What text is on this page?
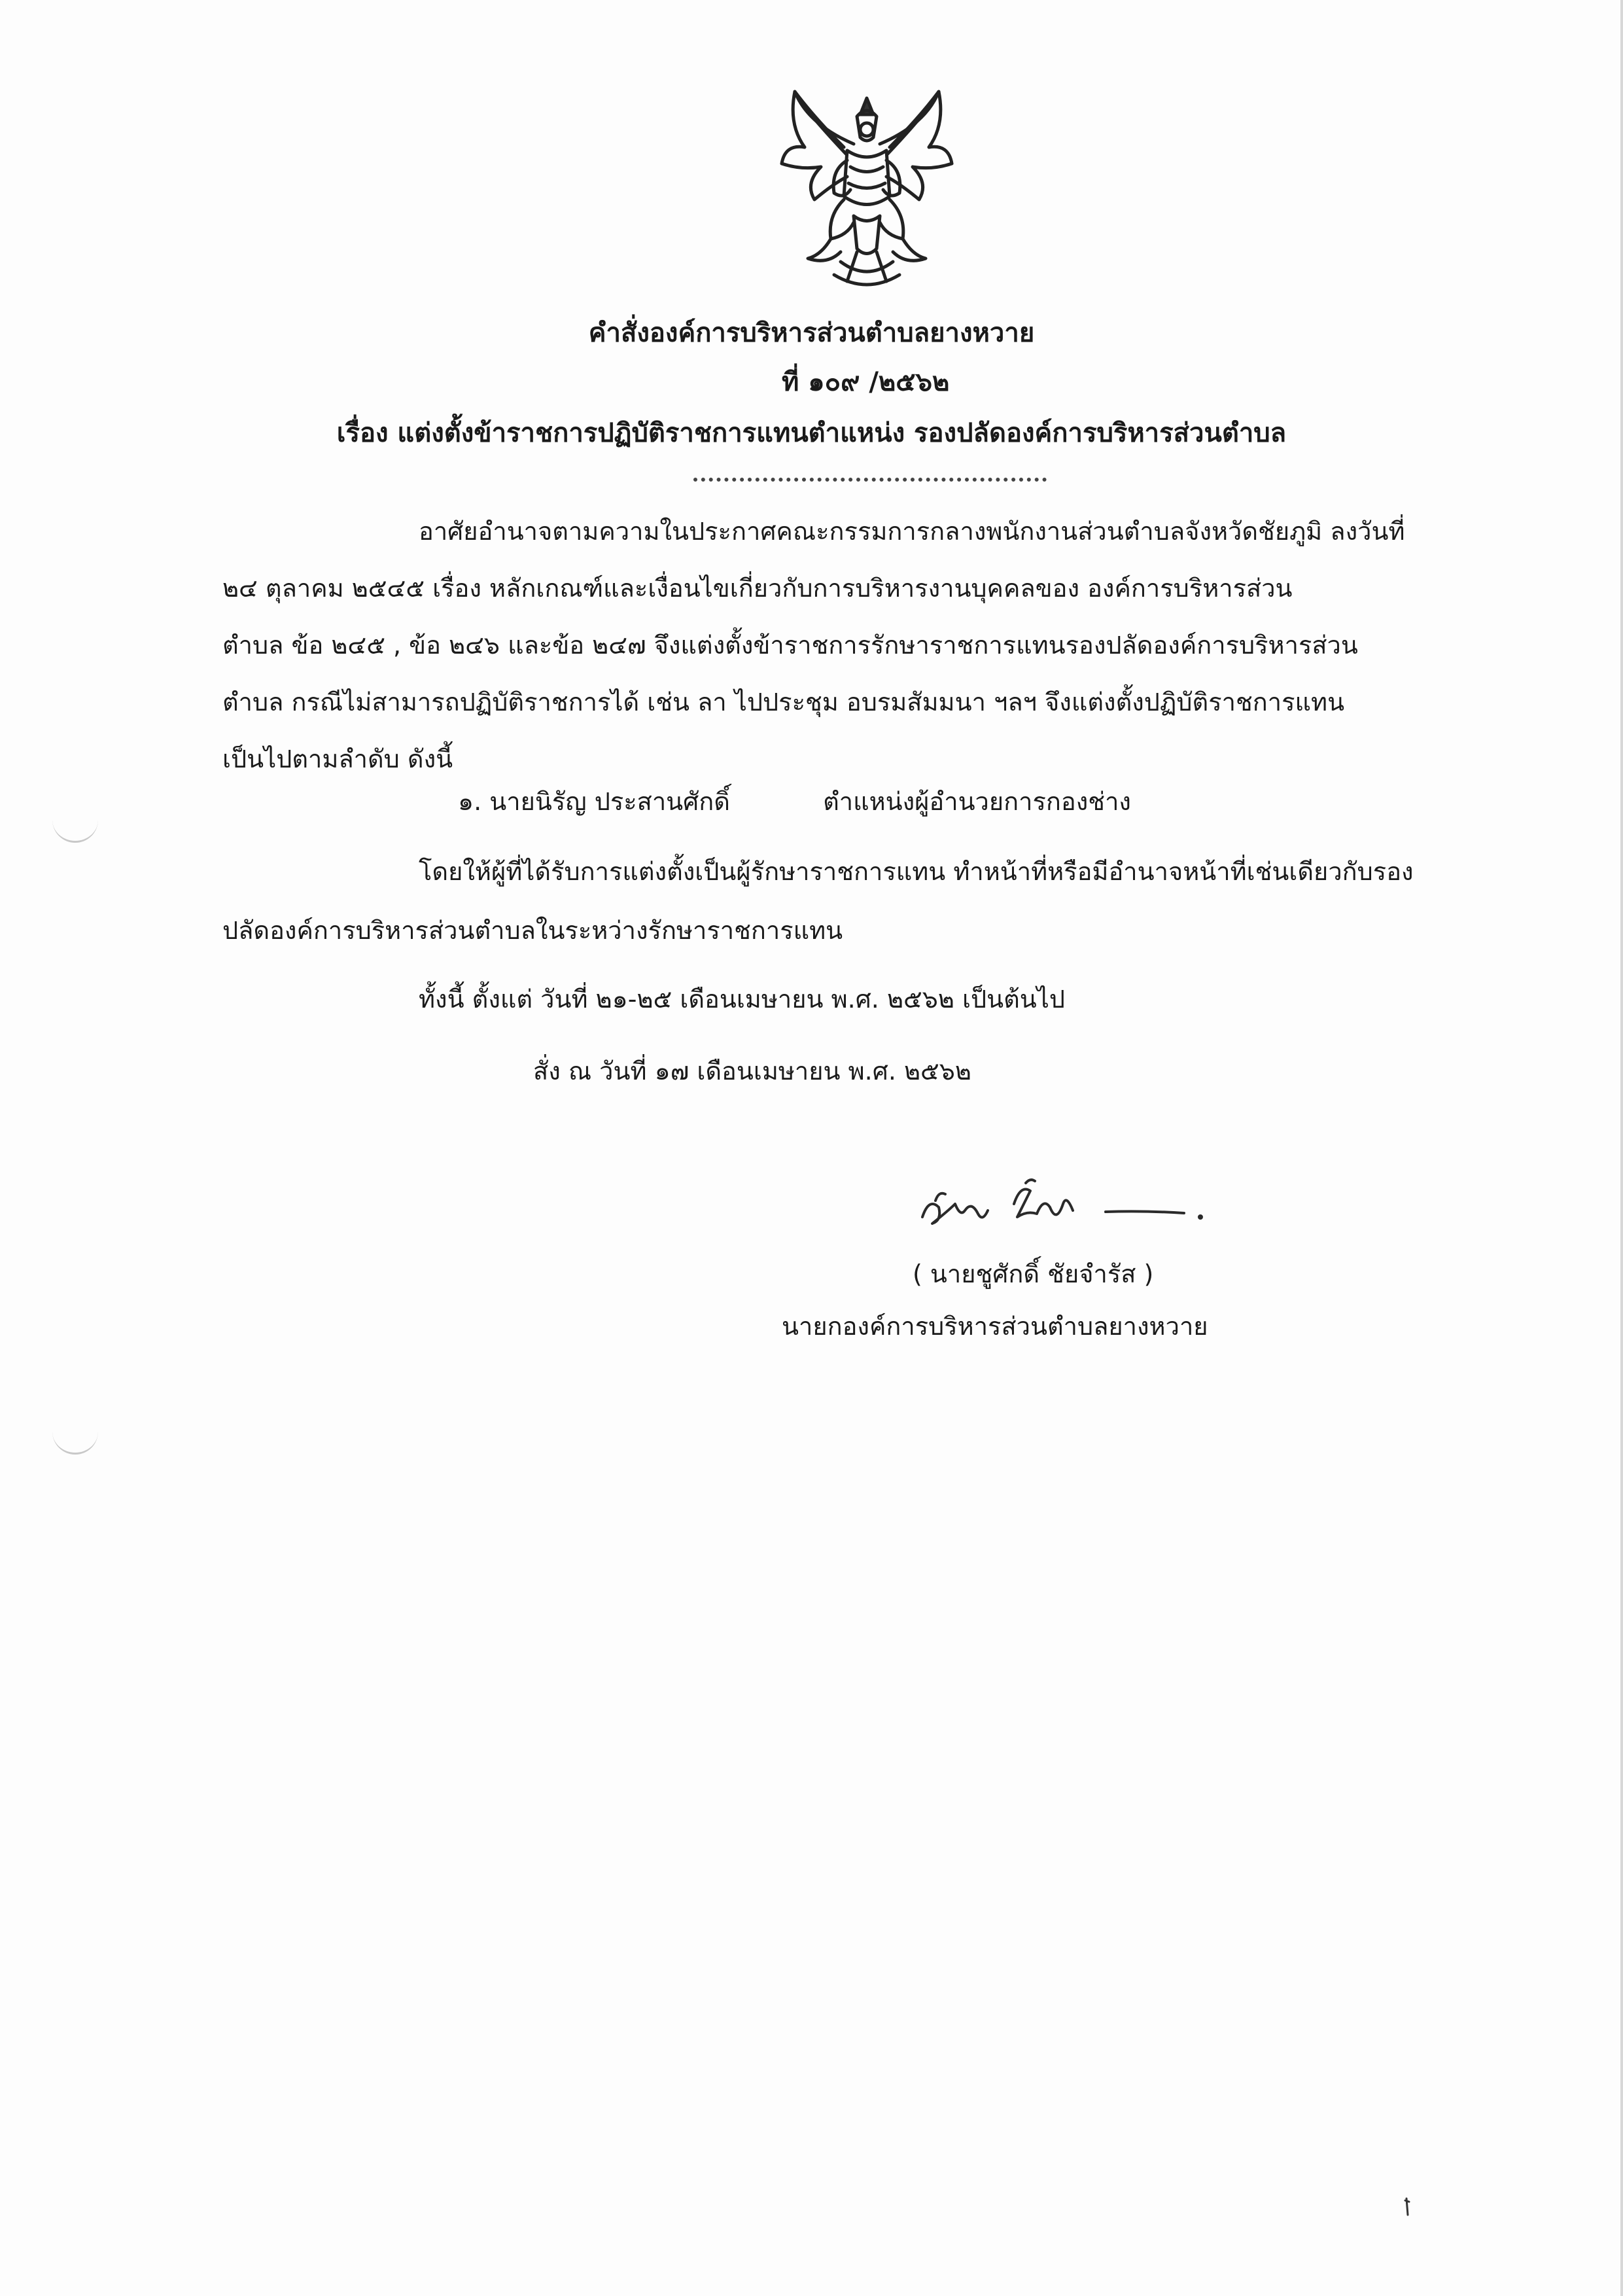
คำสั่งองค์การบริหารส่วนตำบลยางหวาย
ที่ ๑๐๙ /๒๕๖๒
เรื่อง แต่งตั้งข้าราชการปฏิบัติราชการแทนตำแหน่ง รองปลัดองค์การบริหารส่วนตำบล
อาศัยอำนาจตามความในประกาศคณะกรรมการกลางพนักงานส่วนตำบลจังหวัดชัยภูมิ ลงวันที่
๒๔ ตุลาคม ๒๕๔๕ เรื่อง หลักเกณฑ์และเงื่อนไขเกี่ยวกับการบริหารงานบุคคลของ องค์การบริหารส่วน
ตำบล ข้อ ๒๔๕ , ข้อ ๒๔๖ และข้อ ๒๔๗ จึงแต่งตั้งข้าราชการรักษาราชการแทนรองปลัดองค์การบริหารส่วน
ตำบล กรณีไม่สามารถปฏิบัติราชการได้ เช่น ลา ไปประชุม อบรมสัมมนา ฯลฯ จึงแต่งตั้งปฏิบัติราชการแทน
เป็นไปตามลำดับ ดังนี้
๑. นายนิรัญ ประสานศักดิ์	ตำแหน่งผู้อำนวยการกองช่าง
โดยให้ผู้ที่ได้รับการแต่งตั้งเป็นผู้รักษาราชการแทน ทำหน้าที่หรือมีอำนาจหน้าที่เช่นเดียวกับรอง
ปลัดองค์การบริหารส่วนตำบลในระหว่างรักษาราชการแทน
ทั้งนี้ ตั้งแต่ วันที่ ๒๑-๒๕ เดือนเมษายน พ.ศ. ๒๕๖๒ เป็นต้นไป
สั่ง ณ วันที่ ๑๗ เดือนเมษายน พ.ศ. ๒๕๖๒
( นายชูศักดิ์ ชัยจำรัส )
นายกองค์การบริหารส่วนตำบลยางหวาย
